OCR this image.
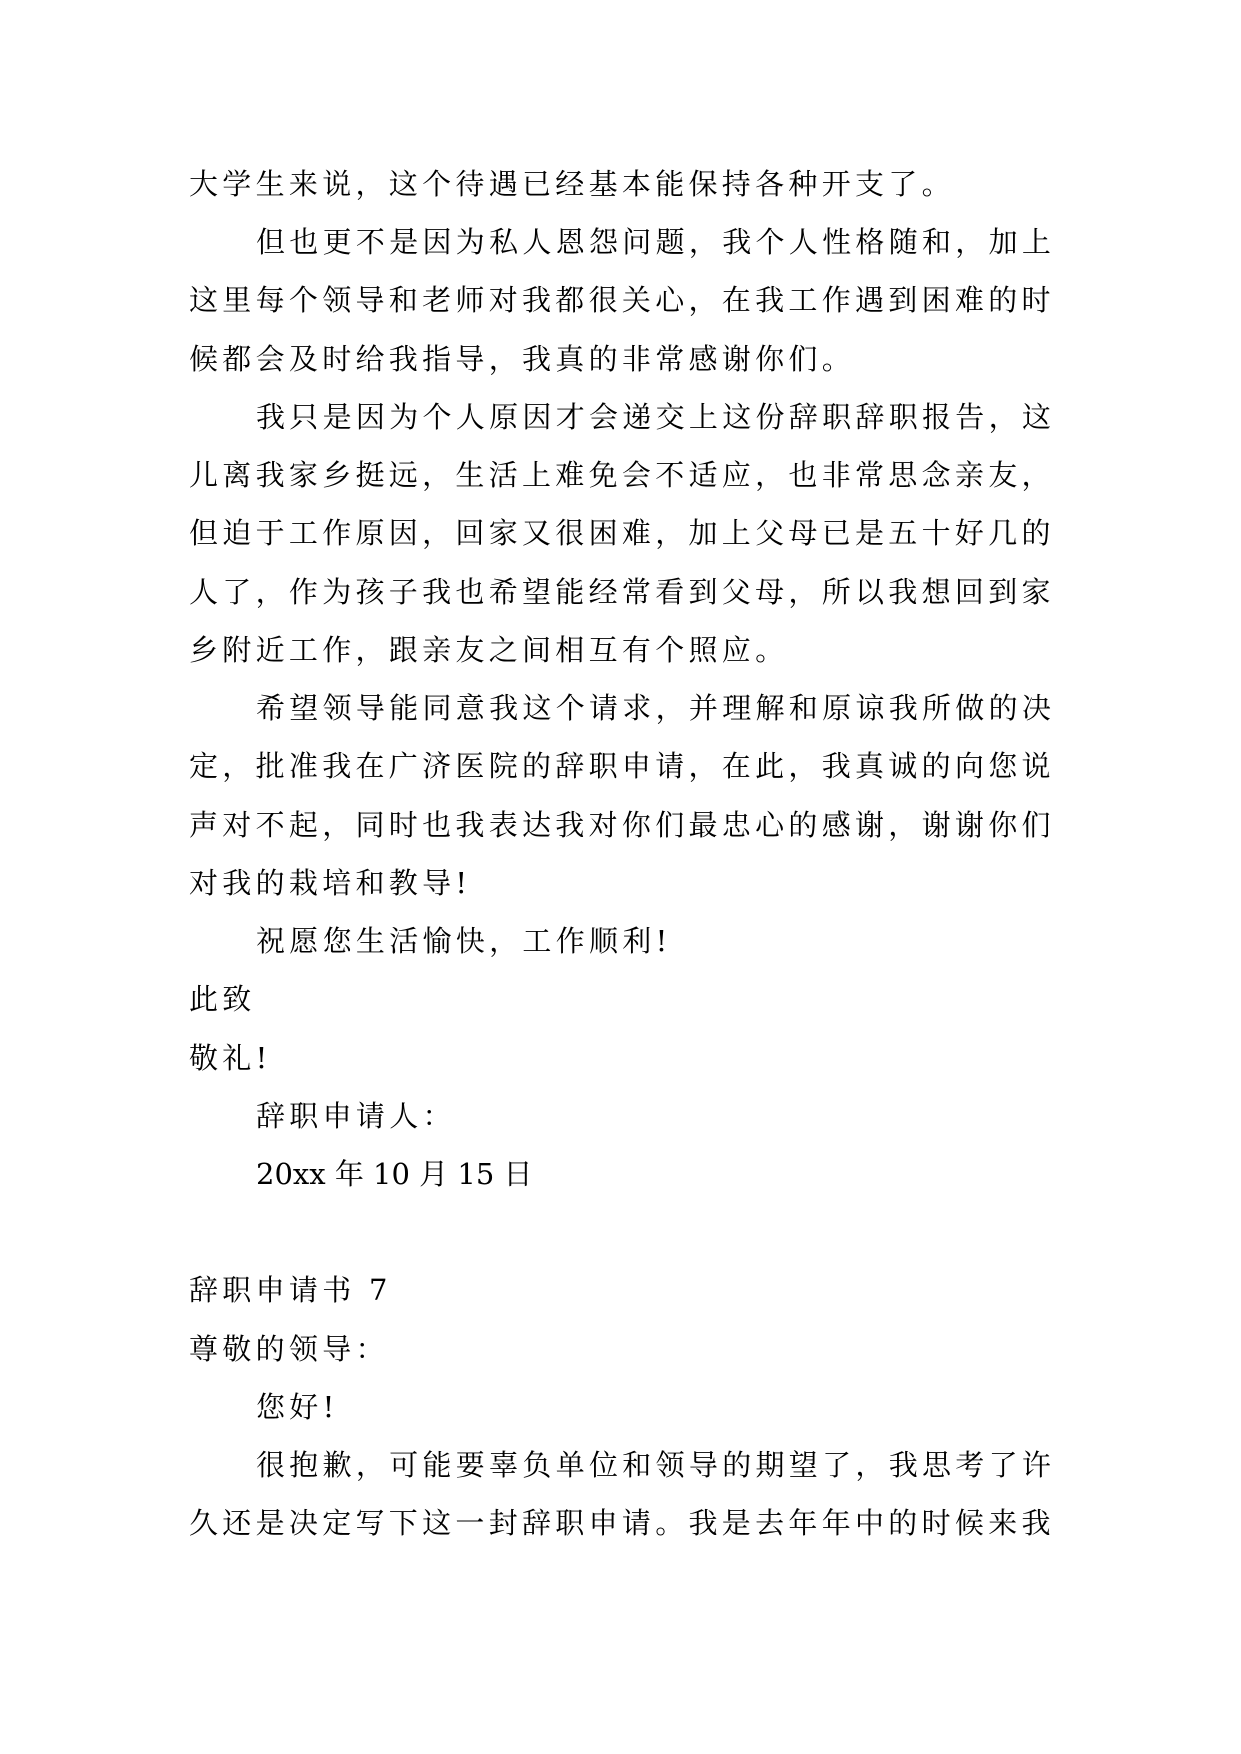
大学生来说，这个待遇已经基本能保持各种开支了。
但也更不是因为私人恩怨问题，我个人性格随和，加上
这里每个领导和老师对我都很关心，在我工作遇到困难的时
候都会及时给我指导，我真的非常感谢你们。
我只是因为个人原因才会递交上这份辞职辞职报告，这
儿离我家乡挺远，生活上难免会不适应，也非常思念亲友，
但迫于工作原因，回家又很困难，加上父母已是五十好几的
人了，作为孩子我也希望能经常看到父母，所以我想回到家
乡附近工作，跟亲友之间相互有个照应。
希望领导能同意我这个请求，并理解和原谅我所做的决
定，批准我在广济医院的辞职申请，在此，我真诚的向您说
声对不起，同时也我表达我对你们最忠心的感谢，谢谢你们
对我的栽培和教导!
祝愿您生活愉快，工作顺利!
此致
敬礼!
辞职申请人：
20xx 年 10 月 15 日
辞职申请书 7
尊敬的领导：
您好!
很抱歉，可能要辜负单位和领导的期望了，我思考了许
久还是决定写下这一封辞职申请。我是去年年中的时候来我
